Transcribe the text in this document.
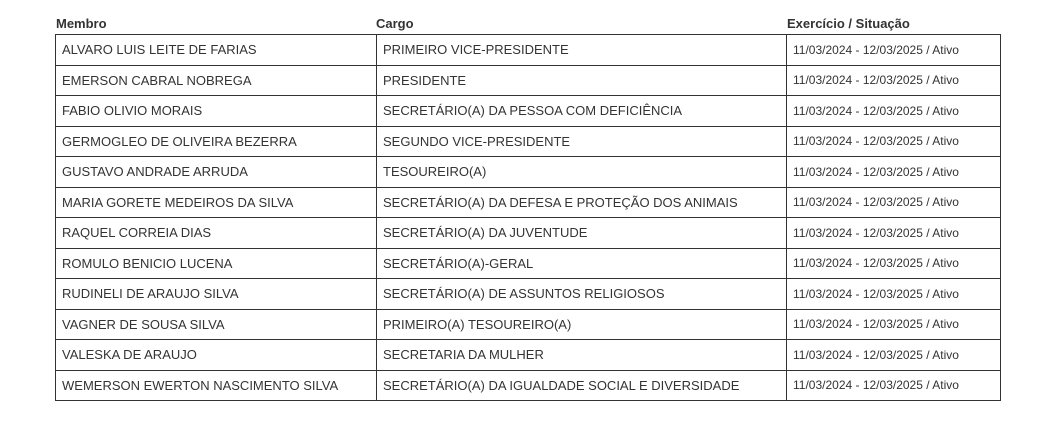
Membro	Cargo	Exercício / Situação
ALVARO LUIS LEITE DE FARIAS	PRIMEIRO VICE-PRESIDENTE	11/03/2024 - 12/03/2025 / Ativo
EMERSON CABRAL NOBREGA	PRESIDENTE	11/03/2024 - 12/03/2025 / Ativo
FABIO OLIVIO MORAIS	SECRETÁRIO(A) DA PESSOA COM DEFICIÊNCIA	11/03/2024 - 12/03/2025 / Ativo
GERMOGLEO DE OLIVEIRA BEZERRA	SEGUNDO VICE-PRESIDENTE	11/03/2024 - 12/03/2025 / Ativo
GUSTAVO ANDRADE ARRUDA	TESOUREIRO(A)	11/03/2024 - 12/03/2025 / Ativo
MARIA GORETE MEDEIROS DA SILVA	SECRETÁRIO(A) DA DEFESA E PROTEÇÃO DOS ANIMAIS	11/03/2024 - 12/03/2025 / Ativo
RAQUEL CORREIA DIAS	SECRETÁRIO(A) DA JUVENTUDE	11/03/2024 - 12/03/2025 / Ativo
ROMULO BENICIO LUCENA	SECRETÁRIO(A)-GERAL	11/03/2024 - 12/03/2025 / Ativo
RUDINELI DE ARAUJO SILVA	SECRETÁRIO(A) DE ASSUNTOS RELIGIOSOS	11/03/2024 - 12/03/2025 / Ativo
VAGNER DE SOUSA SILVA	PRIMEIRO(A) TESOUREIRO(A)	11/03/2024 - 12/03/2025 / Ativo
VALESKA DE ARAUJO	SECRETARIA DA MULHER	11/03/2024 - 12/03/2025 / Ativo
WEMERSON EWERTON NASCIMENTO SILVA	SECRETÁRIO(A) DA IGUALDADE SOCIAL E DIVERSIDADE	11/03/2024 - 12/03/2025 / Ativo
